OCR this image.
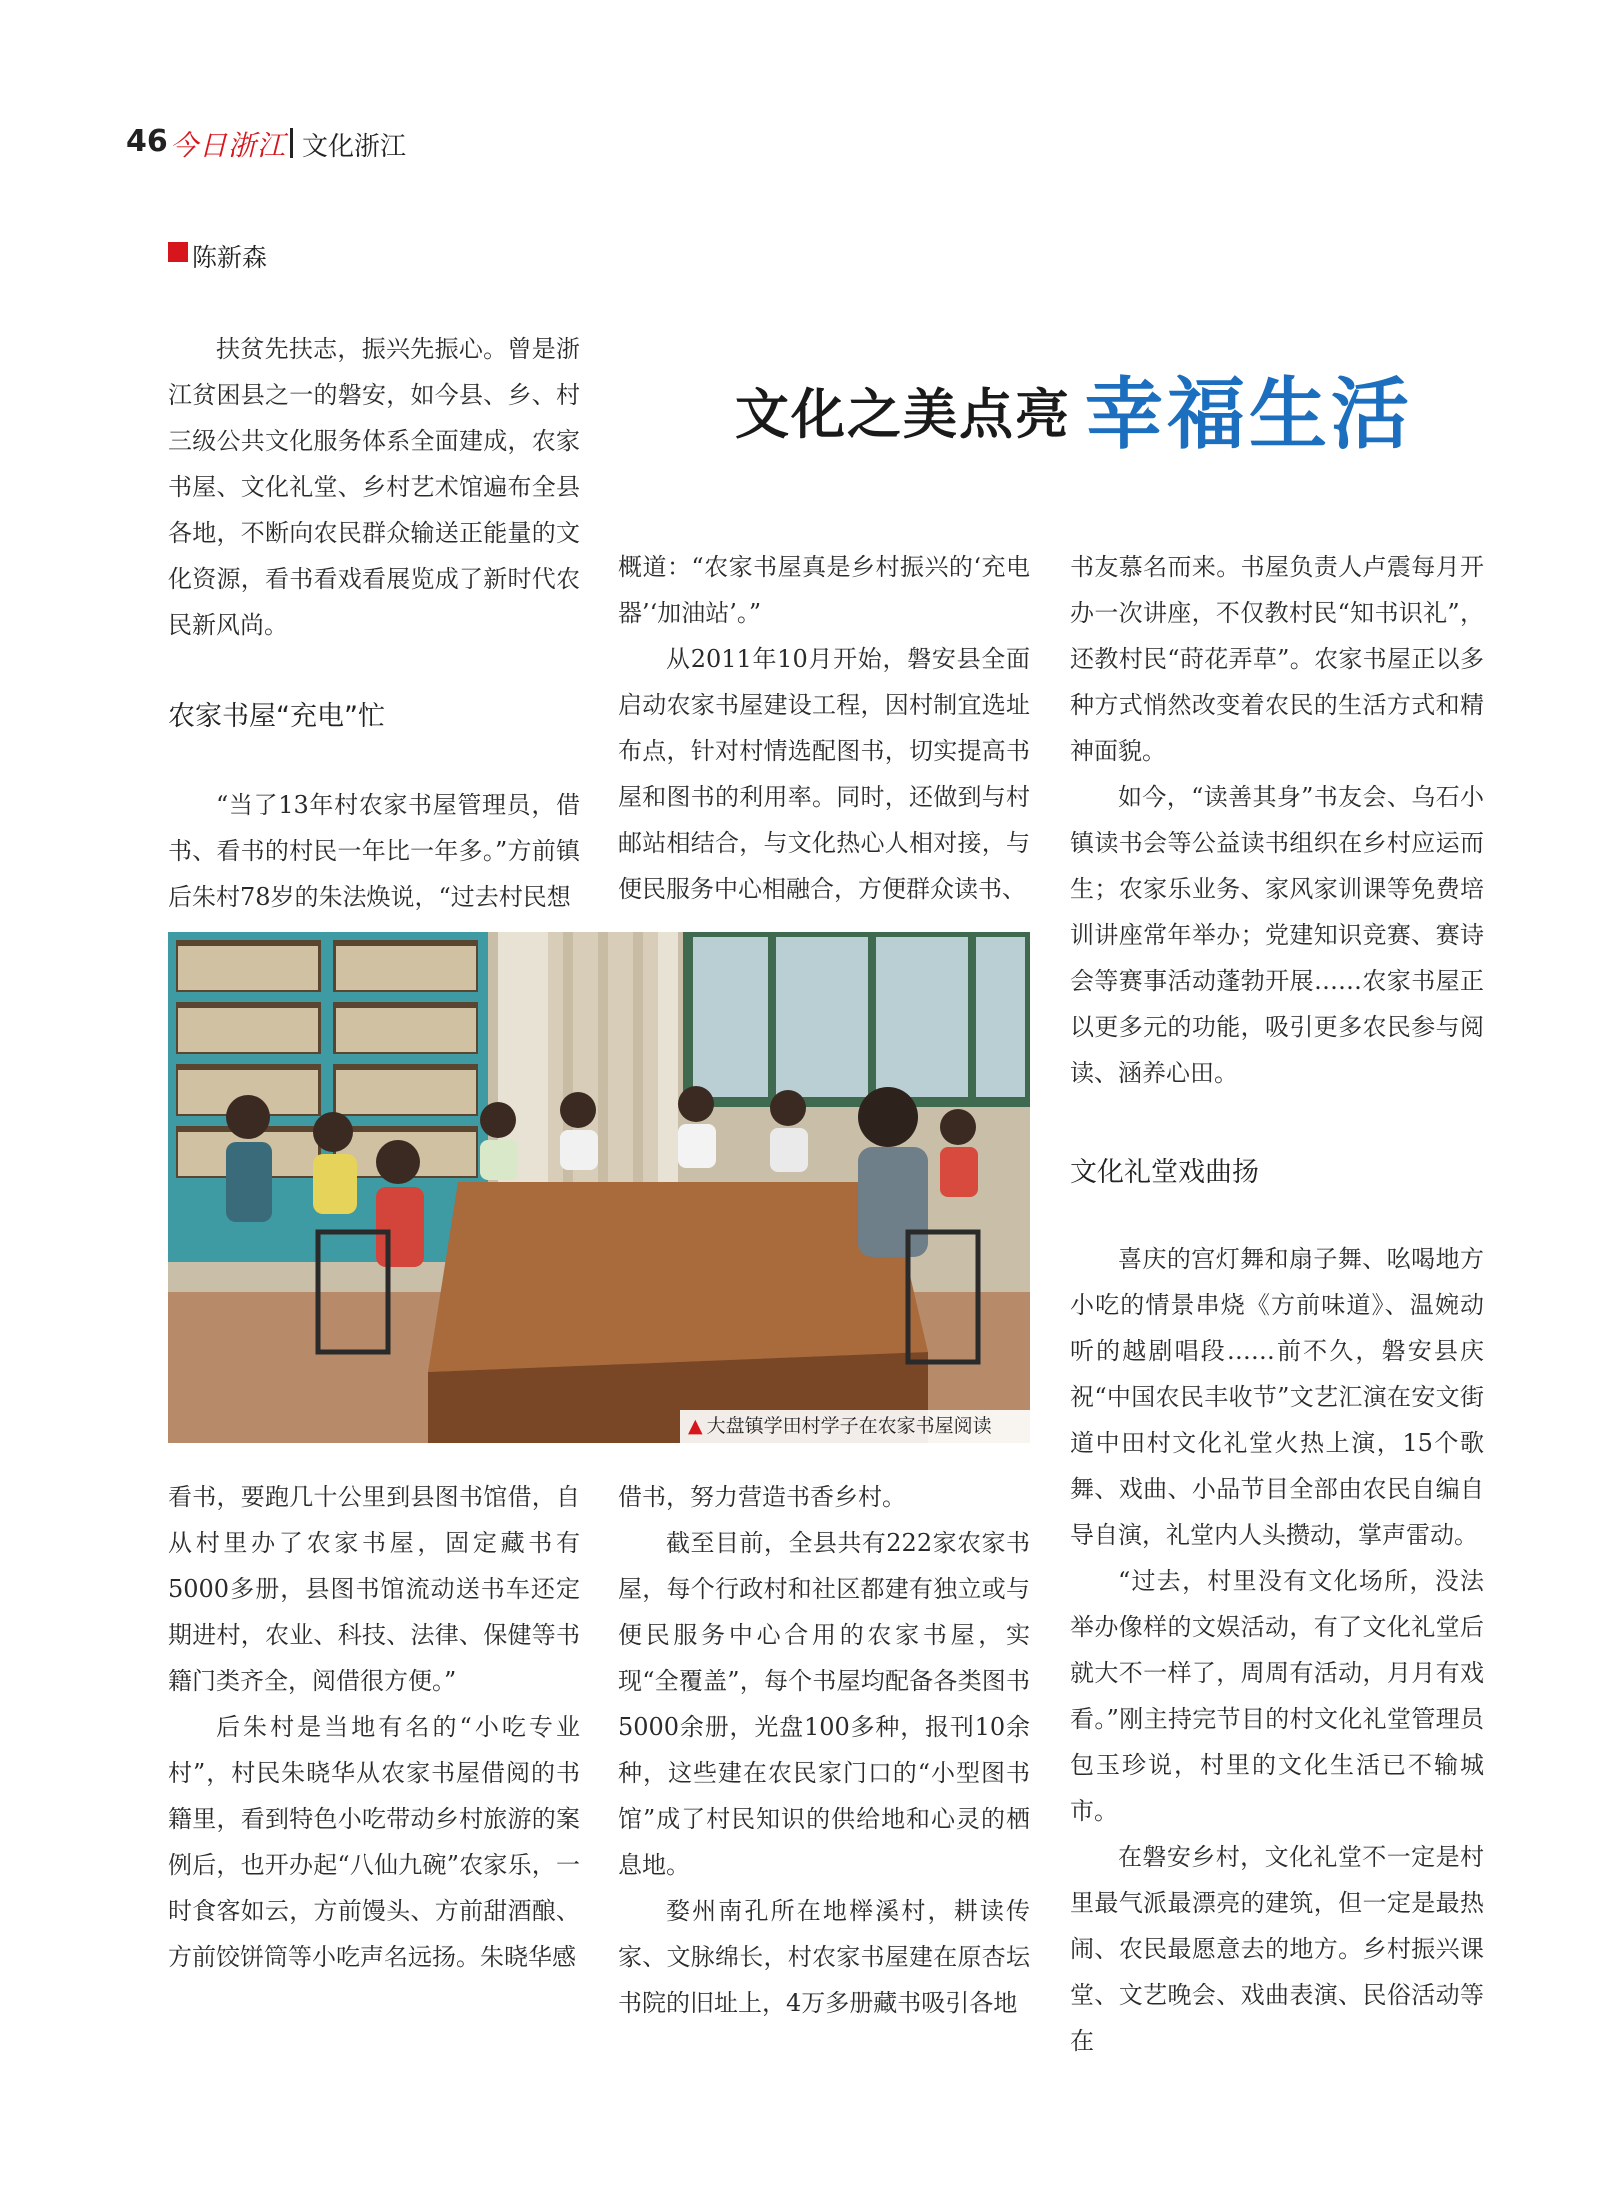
46 今日浙江 文化浙江
陈新森
文化之美点亮 幸福生活

扶贫先扶志，振兴先振心。曾是浙江贫困县之一的磐安，如今县、乡、村三级公共文化服务体系全面建成，农家书屋、文化礼堂、乡村艺术馆遍布全县各地，不断向农民群众输送正能量的文化资源，看书看戏看展览成了新时代农民新风尚。

农家书屋“充电”忙

“当了13年村农家书屋管理员，借书、看书的村民一年比一年多。”方前镇后朱村78岁的朱法焕说，“过去村民想

概道：“农家书屋真是乡村振兴的‘充电器’‘加油站’。”

从2011年10月开始，磐安县全面启动农家书屋建设工程，因村制宜选址布点，针对村情选配图书，切实提高书屋和图书的利用率。同时，还做到与村邮站相结合，与文化热心人相对接，与便民服务中心相融合，方便群众读书、

▲ 大盘镇学田村学子在农家书屋阅读

看书，要跑几十公里到县图书馆借，自从村里办了农家书屋，固定藏书有5000多册，县图书馆流动送书车还定期进村，农业、科技、法律、保健等书籍门类齐全，阅借很方便。”

后朱村是当地有名的“小吃专业村”，村民朱晓华从农家书屋借阅的书籍里，看到特色小吃带动乡村旅游的案例后，也开办起“八仙九碗”农家乐，一时食客如云，方前馒头、方前甜酒酿、方前饺饼筒等小吃声名远扬。朱晓华感

借书，努力营造书香乡村。

截至目前，全县共有222家农家书屋，每个行政村和社区都建有独立或与便民服务中心合用的农家书屋，实现“全覆盖”，每个书屋均配备各类图书5000余册，光盘100多种，报刊10余种，这些建在农民家门口的“小型图书馆”成了村民知识的供给地和心灵的栖息地。

婺州南孔所在地榉溪村，耕读传家、文脉绵长，村农家书屋建在原杏坛书院的旧址上，4万多册藏书吸引各地

书友慕名而来。书屋负责人卢震每月开办一次讲座，不仅教村民“知书识礼”，还教村民“莳花弄草”。农家书屋正以多种方式悄然改变着农民的生活方式和精神面貌。

如今，“读善其身”书友会、乌石小镇读书会等公益读书组织在乡村应运而生；农家乐业务、家风家训课等免费培训讲座常年举办；党建知识竞赛、赛诗会等赛事活动蓬勃开展……农家书屋正以更多元的功能，吸引更多农民参与阅读、涵养心田。

文化礼堂戏曲扬

喜庆的宫灯舞和扇子舞、吆喝地方小吃的情景串烧《方前味道》、温婉动听的越剧唱段……前不久，磐安县庆祝“中国农民丰收节”文艺汇演在安文街道中田村文化礼堂火热上演，15个歌舞、戏曲、小品节目全部由农民自编自导自演，礼堂内人头攒动，掌声雷动。

“过去，村里没有文化场所，没法举办像样的文娱活动，有了文化礼堂后就大不一样了，周周有活动，月月有戏看。”刚主持完节目的村文化礼堂管理员包玉珍说，村里的文化生活已不输城市。

在磐安乡村，文化礼堂不一定是村里最气派最漂亮的建筑，但一定是最热闹、农民最愿意去的地方。乡村振兴课堂、文艺晚会、戏曲表演、民俗活动等在
